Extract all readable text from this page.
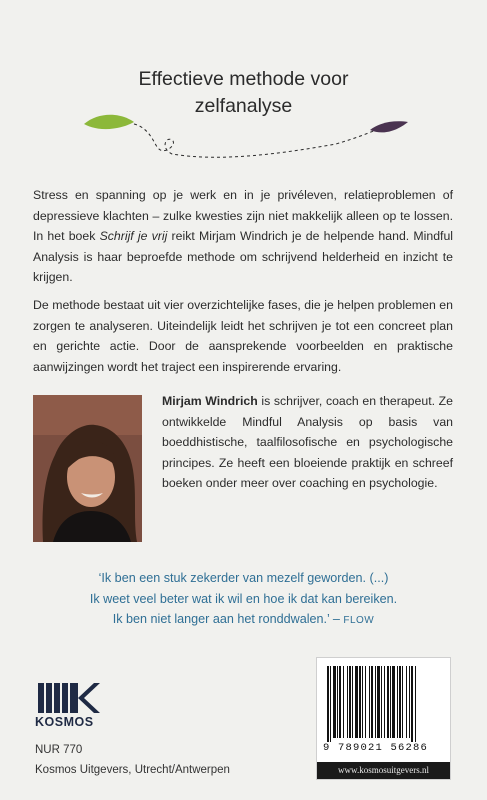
Effectieve methode voor
zelfanalyse
Stress en spanning op je werk en in je privéleven, relatieproblemen of depressieve klachten – zulke kwesties zijn niet makkelijk alleen op te lossen. In het boek Schrijf je vrij reikt Mirjam Windrich je de helpende hand. Mindful Analysis is haar beproefde methode om schrijvend helderheid en inzicht te krijgen.
De methode bestaat uit vier overzichtelijke fases, die je helpen problemen en zorgen te analyseren. Uiteindelijk leidt het schrijven je tot een concreet plan en gerichte actie. Door de aansprekende voorbeelden en praktische aanwijzingen wordt het traject een inspirerende ervaring.
Mirjam Windrich is schrijver, coach en therapeut. Ze ontwikkelde Mindful Analysis op basis van boeddhistische, taalfilosofische en psychologische principes. Ze heeft een bloeiende praktijk en schreef boeken onder meer over coaching en psychologie.
‘Ik ben een stuk zekerder van mezelf geworden. (...)
Ik weet veel beter wat ik wil en hoe ik dat kan bereiken.
Ik ben niet langer aan het ronddwalen.’ – FLOW
KOSMOS
NUR 770
Kosmos Uitgevers, Utrecht/Antwerpen
9 789021 56286
www.kosmosuitgevers.nl
